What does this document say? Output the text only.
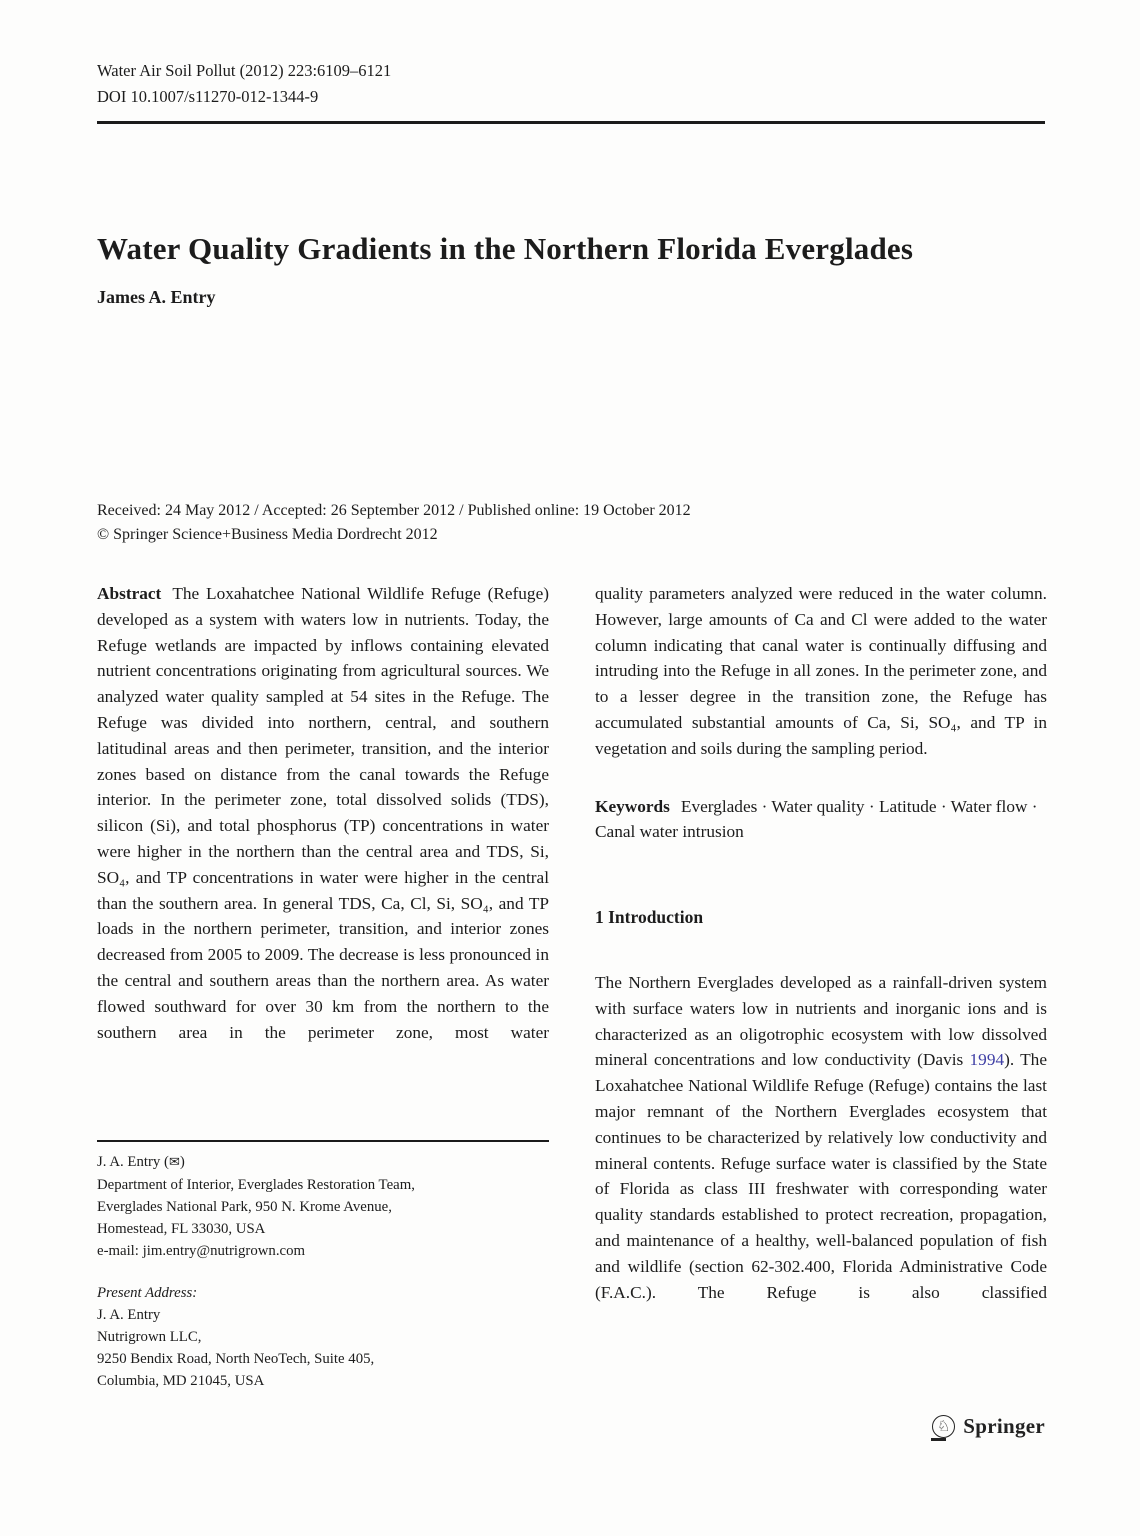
Water Air Soil Pollut (2012) 223:6109–6121
DOI 10.1007/s11270-012-1344-9
Water Quality Gradients in the Northern Florida Everglades
James A. Entry
Received: 24 May 2012 / Accepted: 26 September 2012 / Published online: 19 October 2012
© Springer Science+Business Media Dordrecht 2012

Abstract The Loxahatchee National Wildlife Refuge (Refuge) developed as a system with waters low in nutrients. Today, the Refuge wetlands are impacted by inflows containing elevated nutrient concentrations originating from agricultural sources. We analyzed water quality sampled at 54 sites in the Refuge. The Refuge was divided into northern, central, and southern latitudinal areas and then perimeter, transition, and the interior zones based on distance from the canal towards the Refuge interior. In the perimeter zone, total dissolved solids (TDS), silicon (Si), and total phosphorus (TP) concentrations in water were higher in the northern than the central area and TDS, Si, SO₄, and TP concentrations in water were higher in the central than the southern area. In general TDS, Ca, Cl, Si, SO₄, and TP loads in the northern perimeter, transition, and interior zones decreased from 2005 to 2009. The decrease is less pronounced in the central and southern areas than the northern area. As water flowed southward for over 30 km from the northern to the southern area in the perimeter zone, most water

quality parameters analyzed were reduced in the water column. However, large amounts of Ca and Cl were added to the water column indicating that canal water is continually diffusing and intruding into the Refuge in all zones. In the perimeter zone, and to a lesser degree in the transition zone, the Refuge has accumulated substantial amounts of Ca, Si, SO₄, and TP in vegetation and soils during the sampling period.

Keywords Everglades · Water quality · Latitude · Water flow · Canal water intrusion

1 Introduction

The Northern Everglades developed as a rainfall-driven system with surface waters low in nutrients and inorganic ions and is characterized as an oligotrophic ecosystem with low dissolved mineral concentrations and low conductivity (Davis 1994). The Loxahatchee National Wildlife Refuge (Refuge) contains the last major remnant of the Northern Everglades ecosystem that continues to be characterized by relatively low conductivity and mineral contents. Refuge surface water is classified by the State of Florida as class III freshwater with corresponding water quality standards established to protect recreation, propagation, and maintenance of a healthy, well-balanced population of fish and wildlife (section 62-302.400, Florida Administrative Code (F.A.C.). The Refuge is also classified

J. A. Entry (✉)
Department of Interior, Everglades Restoration Team,
Everglades National Park, 950 N. Krome Avenue,
Homestead, FL 33030, USA
e-mail: jim.entry@nutrigrown.com
Present Address:
J. A. Entry
Nutrigrown LLC,
9250 Bendix Road, North NeoTech, Suite 405,
Columbia, MD 21045, USA
♘ Springer
